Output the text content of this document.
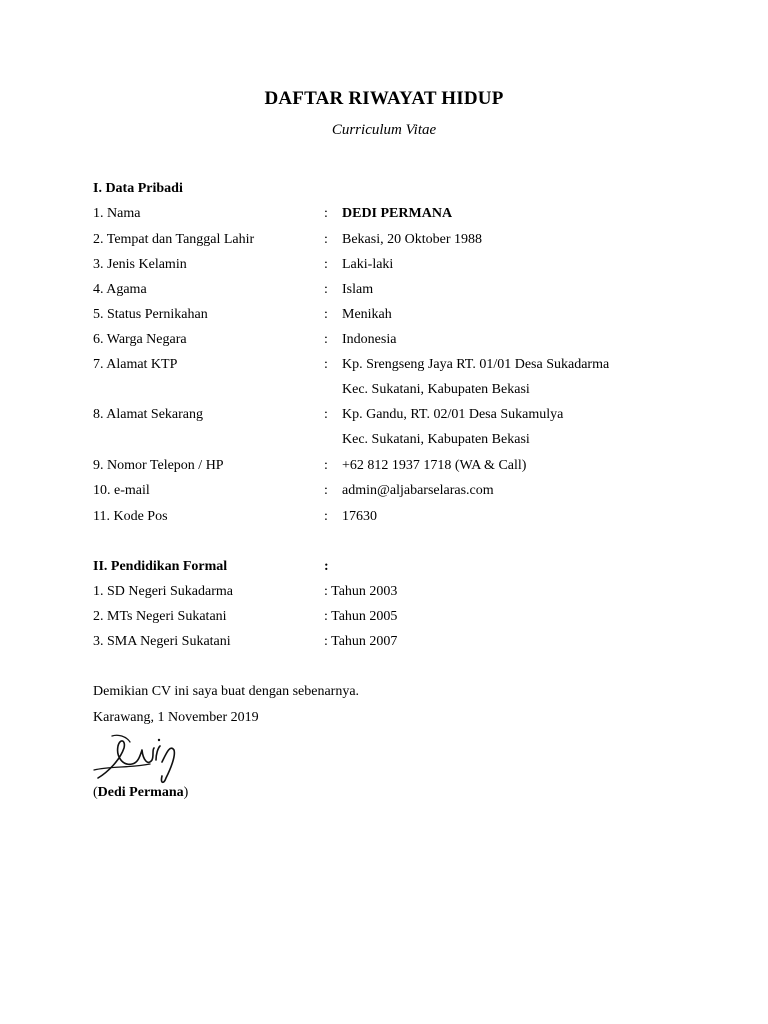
DAFTAR RIWAYAT HIDUP
Curriculum Vitae
I. Data Pribadi
1. Nama	: DEDI PERMANA
2. Tempat dan Tanggal Lahir	: Bekasi, 20 Oktober 1988
3. Jenis Kelamin	: Laki-laki
4. Agama	: Islam
5. Status Pernikahan	: Menikah
6. Warga Negara	: Indonesia
7. Alamat KTP	: Kp. Srengseng Jaya RT. 01/01 Desa Sukadarma
Kec. Sukatani, Kabupaten Bekasi
8. Alamat Sekarang	: Kp. Gandu, RT. 02/01 Desa Sukamulya
Kec. Sukatani, Kabupaten Bekasi
9. Nomor Telepon / HP	: +62 812 1937 1718 (WA & Call)
10. e-mail	: admin@aljabarselaras.com
11. Kode Pos	: 17630
II. Pendidikan Formal	:
1. SD Negeri Sukadarma	: Tahun 2003
2. MTs Negeri Sukatani	: Tahun 2005
3. SMA Negeri Sukatani	: Tahun 2007
Demikian CV ini saya buat dengan sebenarnya.
Karawang, 1 November 2019
(Dedi Permana)
